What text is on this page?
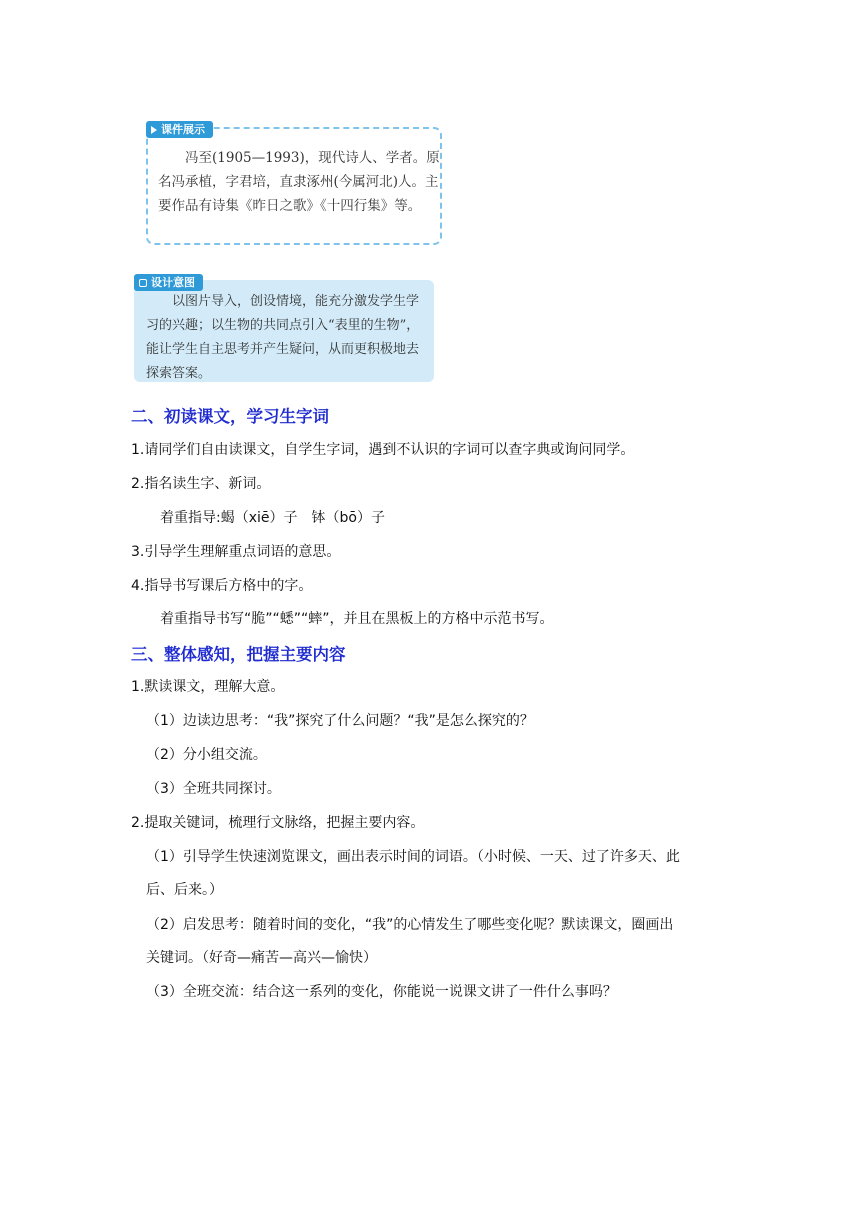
课件展示

冯至(1905—1993)，现代诗人、学者。原名冯承植，字君培，直隶涿州(今属河北)人。主要作品有诗集《昨日之歌》《十四行集》等。

设计意图

以图片导入，创设情境，能充分激发学生学习的兴趣；以生物的共同点引入“表里的生物”，能让学生自主思考并产生疑问，从而更积极地去探索答案。

二、初读课文，学习生字词

1.请同学们自由读课文，自学生字词，遇到不认识的字词可以查字典或询问同学。

2.指名读生字、新词。

着重指导:蝎（xiē）子　钵（bō）子

3.引导学生理解重点词语的意思。

4.指导书写课后方格中的字。

着重指导书写“脆”“蟋”“蟀”，并且在黑板上的方格中示范书写。

三、整体感知，把握主要内容

1.默读课文，理解大意。

（1）边读边思考：“我”探究了什么问题？“我”是怎么探究的？

（2）分小组交流。

（3）全班共同探讨。

2.提取关键词，梳理行文脉络，把握主要内容。

（1）引导学生快速浏览课文，画出表示时间的词语。（小时候、一天、过了许多天、此

后、后来。）

（2）启发思考：随着时间的变化，“我”的心情发生了哪些变化呢？默读课文，圈画出

关键词。（好奇—痛苦—高兴—愉快）

（3）全班交流：结合这一系列的变化，你能说一说课文讲了一件什么事吗？
